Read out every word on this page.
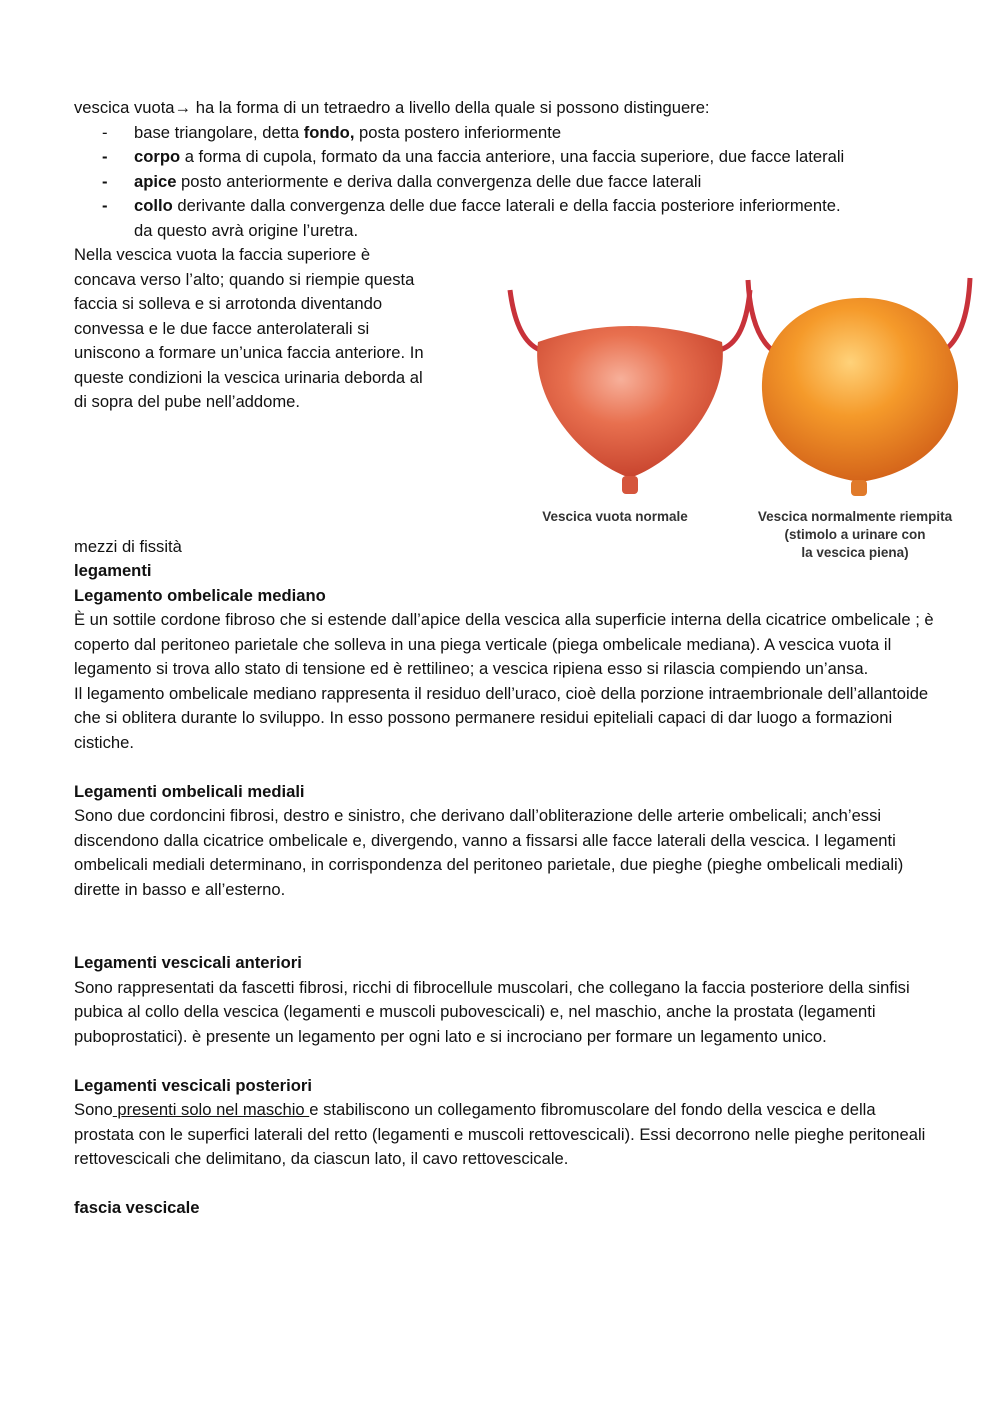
vescica vuota→ ha la forma di un tetraedro a livello della quale si possono distinguere:
- base triangolare, detta fondo, posta postero inferiormente
- corpo a forma di cupola, formato da una faccia anteriore, una faccia superiore, due facce laterali
- apice posto anteriormente e deriva dalla convergenza delle due facce laterali
- collo derivante dalla convergenza delle due facce laterali e della faccia posteriore inferiormente.
da questo avrà origine l’uretra.
Nella vescica vuota la faccia superiore è
concava verso l’alto; quando si riempie questa
faccia si solleva e si arrotonda diventando
convessa e le due facce anterolaterali si
uniscono a formare un’unica faccia anteriore. In
queste condizioni la vescica urinaria deborda al
di sopra del pube nell’addome.
mezzi di fissità
legamenti
Legamento ombelicale mediano
È un sottile cordone fibroso che si estende dall’apice della vescica alla superficie interna della cicatrice ombelicale ; è coperto dal peritoneo parietale che solleva in una piega verticale (piega ombelicale mediana). A vescica vuota il legamento si trova allo stato di tensione ed è rettilineo; a vescica ripiena esso si rilascia compiendo un’ansa.
Il legamento ombelicale mediano rappresenta il residuo dell’uraco, cioè della porzione intraembrionale dell’allantoide che si oblitera durante lo sviluppo. In esso possono permanere residui epiteliali capaci di dar luogo a formazioni cistiche.
Legamenti ombelicali mediali
Sono due cordoncini fibrosi, destro e sinistro, che derivano dall’obliterazione delle arterie ombelicali; anch’essi discendono dalla cicatrice ombelicale e, divergendo, vanno a fissarsi alle facce laterali della vescica. I legamenti ombelicali mediali determinano, in corrispondenza del peritoneo parietale, due pieghe (pieghe ombelicali mediali) dirette in basso e all’esterno.
Legamenti vescicali anteriori
Sono rappresentati da fascetti fibrosi, ricchi di fibrocellule muscolari, che collegano la faccia posteriore della sinfisi pubica al collo della vescica (legamenti e muscoli pubovescicali) e, nel maschio, anche la prostata (legamenti puboprostatici). è presente un legamento per ogni lato e si incrociano per formare un legamento unico.
Legamenti vescicali posteriori
Sono presenti solo nel maschio e stabiliscono un collegamento fibromuscolare del fondo della vescica e della prostata con le superfici laterali del retto (legamenti e muscoli rettovescicali). Essi decorrono nelle pieghe peritoneali rettovescicali che delimitano, da ciascun lato, il cavo rettovescicale.
fascia vescicale
Vescica vuota normale	Vescica normalmente riempita
(stimolo a urinare con
la vescica piena)
